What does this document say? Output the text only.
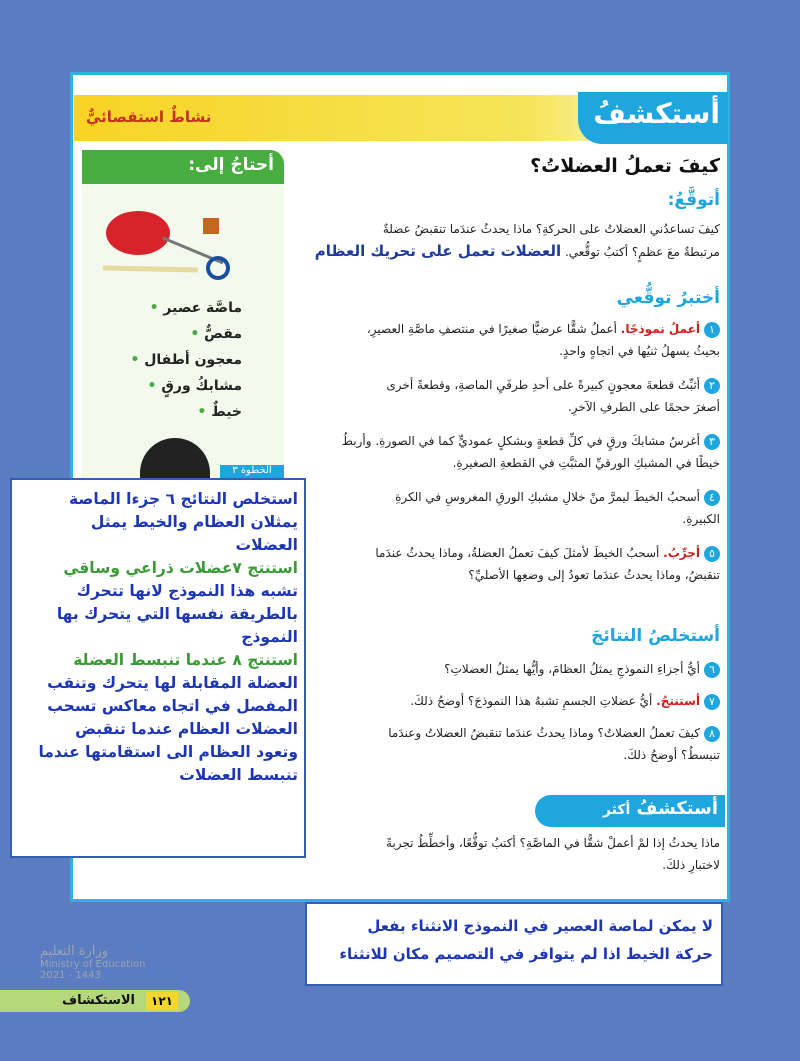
أستكشفُ
نشاطٌ استقصائيٌّ
أحتاجُ إلى:
ماصَّة عصير •
مقصٌّ •
معجون أطفال •
مشابكُ ورقٍ •
خيطٌ •
الخطوة ٣
كيفَ تعملُ العضلاتُ؟
أتوقَّعُ:
كيفَ تساعدُني العضلاتُ على الحركةِ؟ ماذا يحدثُ عندَما تنقبضُ عضلةٌ
مرتبطةٌ معَ عظمٍ؟ أكتبُ توقُّعي. العضلات تعمل على تحريك العظام
أختبرُ توقُّعي
١أعملُ نموذجًا. أعملُ شقًّا عرضيًّا صغيرًا في منتصفِ ماصَّةِ العصيرِ،
بحيثُ يسهلُ ثنيُها في اتجاهٍ واحدٍ.
٢أثبِّتُ قطعةَ معجونٍ كبيرةً على أحدِ طرفَيِ الماصةِ، وقطعةً أخرى
أصغرَ حجمًا على الطرفِ الآخرِ.
٣أغرسُ مشابكَ ورقٍ في كلِّ قطعةٍ وبشكلٍ عموديٍّ كما في الصورةِ. وأربطُ
خيطًا في المشبكِ الورقيِّ المثبَّتِ في القطعةِ الصغيرةِ.
٤أسحبُ الخيطَ ليمرَّ منْ خلالِ مشبكِ الورقِ المغروسِ في الكرةِ
الكبيرةِ.
٥أجرِّبُ. أسحبُ الخيطَ لأمثلَ كيفَ تعملُ العضلةُ، وماذا يحدثُ عندَما
تنقبضُ، وماذا يحدثُ عندَما تعودُ إلى وضعِها الأصليِّ؟
أستخلصُ النتائجَ
٦أيُّ أجزاءِ النموذجِ يمثلُ العظامَ، وأيُّها يمثلُ العضلاتِ؟
٧أستنتجُ. أيُّ عضلاتِ الجسمِ تشبهُ هذا النموذجَ؟ أوضحُ ذلكَ.
٨كيفَ تعملُ العضلاتُ؟ وماذا يحدثُ عندَما تنقبضُ العضلاتُ وعندَما
تنبسطُ؟ أوضحُ ذلكَ.
أستكشفُ أكثر
ماذا يحدثُ إذا لمْ أعملْ شقًّا في الماصَّةِ؟ أكتبُ توقُّعًا، وأخطِّطُ تجربةً
لاختبارِ ذلكَ.
استخلص النتائج ٦ جزءا الماصة
يمثلان العظام والخيط يمثل
العضلات
استنتج ٧عضلات ذراعي وساقي
تشبه هذا النموذج لانها تتحرك
بالطريقة نفسها التي يتحرك بها
النموذج
استنتج ٨ عندما تنبسط العضلة
العضلة المقابلة لها يتحرك وتنقب
المفصل في اتجاه معاكس تسحب
العضلات العظام عندما تنقبض
وتعود العظام الى استقامتها عندما
تنبسط العضلات
لا يمكن لماصة العصير في النموذج الانثناء بفعل
حركة الخيط اذا لم يتوافر في التصميم مكان للانثناء
وزارة التعليم
Ministry of Education
2021 - 1443
١٢١
الاستكشاف
